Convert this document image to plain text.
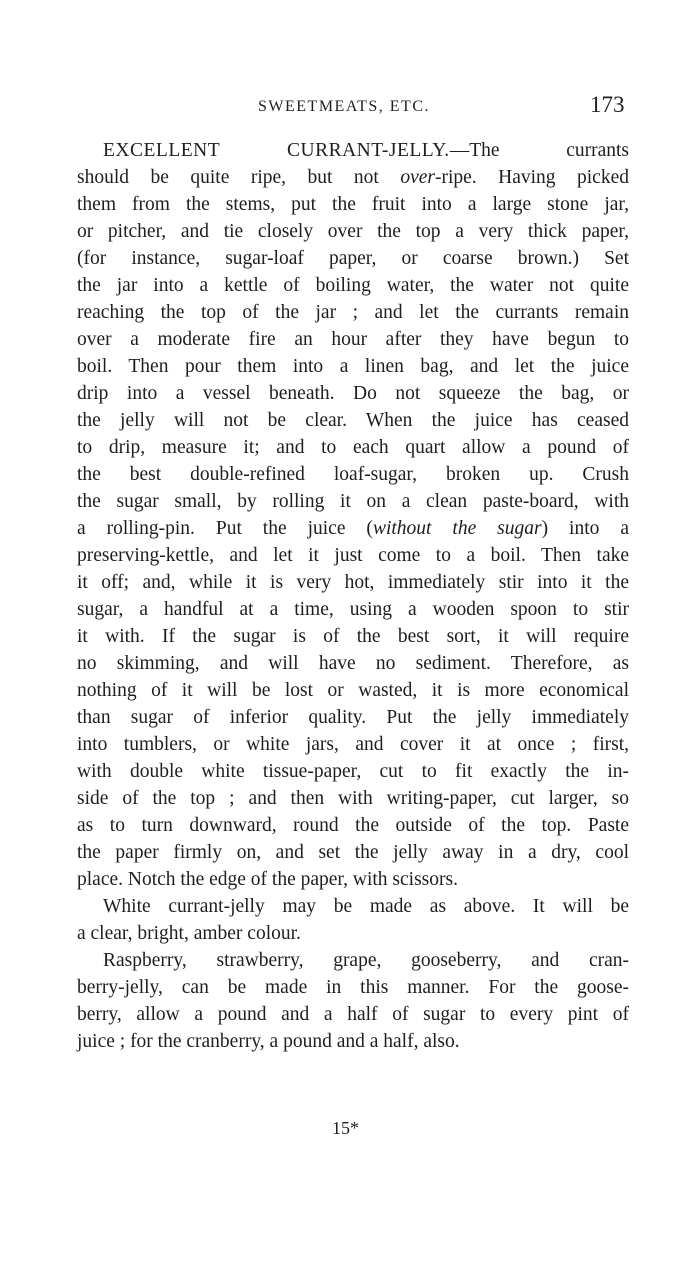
SWEETMEATS, ETC.	173
EXCELLENT CURRANT-JELLY.—The currants
should be quite ripe, but not over-ripe. Having picked
them from the stems, put the fruit into a large stone jar,
or pitcher, and tie closely over the top a very thick paper,
(for instance, sugar-loaf paper, or coarse brown.) Set
the jar into a kettle of boiling water, the water not quite
reaching the top of the jar ; and let the currants remain
over a moderate fire an hour after they have begun to
boil. Then pour them into a linen bag, and let the juice
drip into a vessel beneath. Do not squeeze the bag, or
the jelly will not be clear. When the juice has ceased
to drip, measure it; and to each quart allow a pound of
the best double-refined loaf-sugar, broken up. Crush
the sugar small, by rolling it on a clean paste-board, with
a rolling-pin. Put the juice (without the sugar) into a
preserving-kettle, and let it just come to a boil. Then take
it off; and, while it is very hot, immediately stir into it the
sugar, a handful at a time, using a wooden spoon to stir
it with. If the sugar is of the best sort, it will require
no skimming, and will have no sediment. Therefore, as
nothing of it will be lost or wasted, it is more economical
than sugar of inferior quality. Put the jelly immediately
into tumblers, or white jars, and cover it at once ; first,
with double white tissue-paper, cut to fit exactly the in-
side of the top ; and then with writing-paper, cut larger, so
as to turn downward, round the outside of the top. Paste
the paper firmly on, and set the jelly away in a dry, cool
place. Notch the edge of the paper, with scissors.
White currant-jelly may be made as above. It will be
a clear, bright, amber colour.
Raspberry, strawberry, grape, gooseberry, and cran-
berry-jelly, can be made in this manner. For the goose-
berry, allow a pound and a half of sugar to every pint of
juice ; for the cranberry, a pound and a half, also.
15*
